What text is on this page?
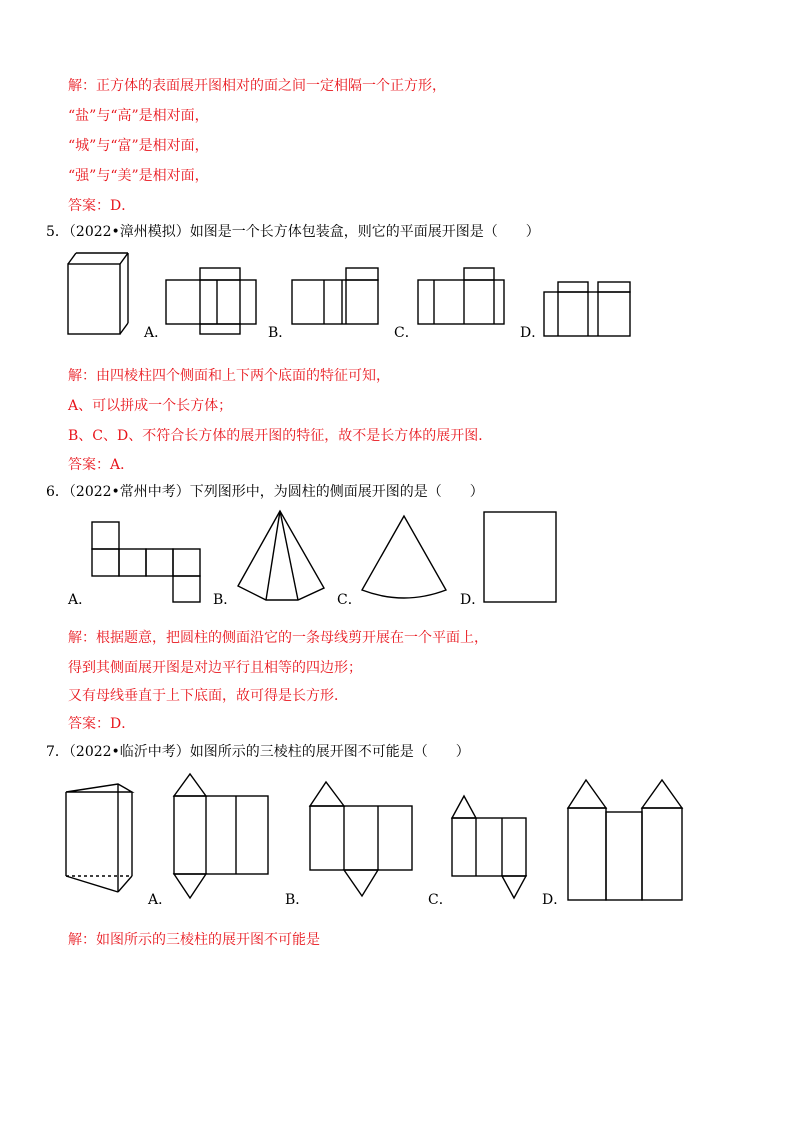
解：正方体的表面展开图相对的面之间一定相隔一个正方形，
“盐”与“高”是相对面，
“城”与“富”是相对面，
“强”与“美”是相对面，
答案：D．
5．（2022•漳州模拟）如图是一个长方体包装盒，则它的平面展开图是（　　）
A．	B．	C．	D．
解：由四棱柱四个侧面和上下两个底面的特征可知，
A、可以拼成一个长方体；
B、C、D、不符合长方体的展开图的特征，故不是长方体的展开图．
答案：A．
6．（2022•常州中考）下列图形中，为圆柱的侧面展开图的是（　　）
A．	B．	C．	D．
解：根据题意，把圆柱的侧面沿它的一条母线剪开展在一个平面上，
得到其侧面展开图是对边平行且相等的四边形；
又有母线垂直于上下底面，故可得是长方形．
答案：D．
7．（2022•临沂中考）如图所示的三棱柱的展开图不可能是（　　）
A．	B．	C．	D．
解：如图所示的三棱柱的展开图不可能是
